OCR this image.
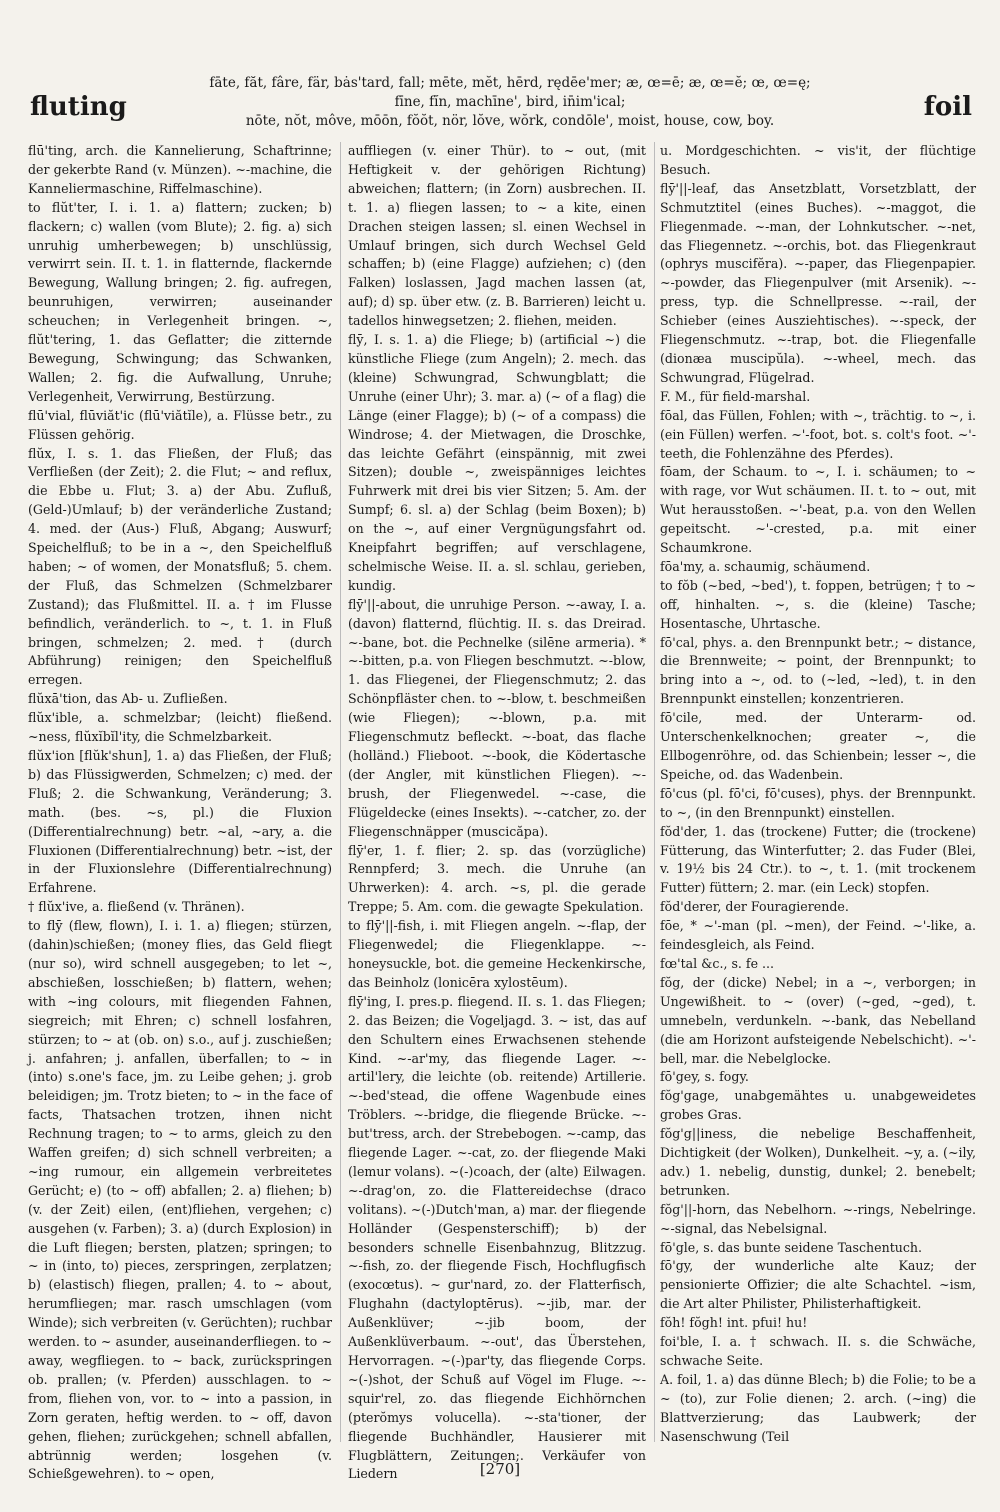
fluting
fāte, făt, fâre, fär, bȧs'tard, fall; mēte, mĕt, hērd, rędēe'mer; æ, œ=ē; æ, œ=ĕ; œ, œ=ę;
fīne, fĭn, machīne', bird, in̄im'ical;
nōte, nŏt, môve, mōōn, fŏŏt, nör, lŏve, wŏrk, condōle', moist, house, cow, boy.	foil
flū'ting, arch. die Kannelierung, Schaftrinne; der gekerbte Rand (v. Münzen). ~-machine, die Kanneliermaschine, Riffelmaschine).
to flŭt'ter, I. i. 1. a) flattern; zucken; b) flackern; c) wallen (vom Blute); 2. fig. a) sich unruhig umherbewegen; b) unschlüssig, verwirrt sein. II. t. 1. in flatternde, flackernde Bewegung, Wallung bringen; 2. fig. aufregen, beunruhigen, verwirren; auseinander scheuchen; in Verlegenheit bringen. ~, flŭt'tering, 1. das Geflatter; die zitternde Bewegung, Schwingung; das Schwanken, Wallen; 2. fig. die Aufwallung, Unruhe; Verlegenheit, Verwirrung, Bestürzung.
flū'vial, flūviăt'ic (flū'viătĭle), a. Flüsse betr., zu Flüssen gehörig.
flŭx, I. s. 1. das Fließen, der Fluß; das Verfließen (der Zeit); 2. die Flut; ~ and reflux, die Ebbe u. Flut; 3. a) der Abu. Zufluß, (Geld-)Umlauf; b) der veränderliche Zustand; 4. med. der (Aus-) Fluß, Abgang; Auswurf; Speichelfluß; to be in a ~, den Speichelfluß haben; ~ of women, der Monatsfluß; 5. chem. der Fluß, das Schmelzen (Schmelzbarer Zustand); das Flußmittel. II. a. † im Flusse befindlich, veränderlich. to ~, t. 1. in Fluß bringen, schmelzen; 2. med. † (durch Abführung) reinigen; den Speichelfluß erregen.
flŭxā'tion, das Ab- u. Zufließen.
flŭx'ible, a. schmelzbar; (leicht) fließend. ~ness, flŭxĭbĭl'ity, die Schmelzbarkeit.
flŭx'ion [flŭk'shun], 1. a) das Fließen, der Fluß; b) das Flüssigwerden, Schmelzen; c) med. der Fluß; 2. die Schwankung, Veränderung; 3. math. (bes. ~s, pl.) die Fluxion (Differentialrechnung) betr. ~al, ~ary, a. die Fluxionen (Differentialrechnung) betr. ~ist, der in der Fluxionslehre (Differentialrechnung) Erfahrene.
† flŭx'ive, a. fließend (v. Thränen).
to flȳ (flew, flown), I. i. 1. a) fliegen; stürzen, (dahin)schießen; (money flies, das Geld fliegt (nur so), wird schnell ausgegeben; to let ~, abschießen, losschießen; b) flattern, wehen; with ~ing colours, mit fliegenden Fahnen, siegreich; mit Ehren; c) schnell losfahren, stürzen; to ~ at (ob. on) s.o., auf j. zuschießen; j. anfahren; j. anfallen, überfallen; to ~ in (into) s.one's face, jm. zu Leibe gehen; j. grob beleidigen; jm. Trotz bieten; to ~ in the face of facts, Thatsachen trotzen, ihnen nicht Rechnung tragen; to ~ to arms, gleich zu den Waffen greifen; d) sich schnell verbreiten; a ~ing rumour, ein allgemein verbreitetes Gerücht; e) (to ~ off) abfallen; 2. a) fliehen; b) (v. der Zeit) eilen, (ent)fliehen, vergehen; c) ausgehen (v. Farben); 3. a) (durch Explosion) in die Luft fliegen; bersten, platzen; springen; to ~ in (into, to) pieces, zerspringen, zerplatzen; b) (elastisch) fliegen, prallen; 4. to ~ about, herumfliegen; mar. rasch umschlagen (vom Winde); sich verbreiten (v. Gerüchten); ruchbar werden. to ~ asunder, auseinanderfliegen. to ~ away, wegfliegen. to ~ back, zurückspringen ob. prallen; (v. Pferden) ausschlagen. to ~ from, fliehen von, vor. to ~ into a passion, in Zorn geraten, heftig werden. to ~ off, davon gehen, fliehen; zurückgehen; schnell abfallen, abtrünnig werden; losgehen (v. Schießgewehren). to ~ open,
auffliegen (v. einer Thür). to ~ out, (mit Heftigkeit v. der gehörigen Richtung) abweichen; flattern; (in Zorn) ausbrechen. II. t. 1. a) fliegen lassen; to ~ a kite, einen Drachen steigen lassen; sl. einen Wechsel in Umlauf bringen, sich durch Wechsel Geld schaffen; b) (eine Flagge) aufziehen; c) (den Falken) loslassen, Jagd machen lassen (at, auf); d) sp. über etw. (z. B. Barrieren) leicht u. tadellos hinwegsetzen; 2. fliehen, meiden.
flȳ, I. s. 1. a) die Fliege; b) (artificial ~) die künstliche Fliege (zum Angeln); 2. mech. das (kleine) Schwungrad, Schwungblatt; die Unruhe (einer Uhr); 3. mar. a) (~ of a flag) die Länge (einer Flagge); b) (~ of a compass) die Windrose; 4. der Mietwagen, die Droschke, das leichte Gefährt (einspännig, mit zwei Sitzen); double ~, zweispänniges leichtes Fuhrwerk mit drei bis vier Sitzen; 5. Am. der Sumpf; 6. sl. a) der Schlag (beim Boxen); b) on the ~, auf einer Vergnügungsfahrt od. Kneipfahrt begriffen; auf verschlagene, schelmische Weise. II. a. sl. schlau, gerieben, kundig.
flȳ'||-about, die unruhige Person. ~-away, I. a. (davon) flatternd, flüchtig. II. s. das Dreirad. ~-bane, bot. die Pechnelke (silēne armeria). * ~-bitten, p.a. von Fliegen beschmutzt. ~-blow, 1. das Fliegenei, der Fliegenschmutz; 2. das Schönpfläster chen. to ~-blow, t. beschmeißen (wie Fliegen); ~-blown, p.a. mit Fliegenschmutz befleckt. ~-boat, das flache (holländ.) Flieboot. ~-book, die Ködertasche (der Angler, mit künstlichen Fliegen). ~-brush, der Fliegenwedel. ~-case, die Flügeldecke (eines Insekts). ~-catcher, zo. der Fliegenschnäpper (muscicăpa).
flȳ'er, 1. f. flier; 2. sp. das (vorzügliche) Rennpferd; 3. mech. die Unruhe (an Uhrwerken): 4. arch. ~s, pl. die gerade Treppe; 5. Am. com. die gewagte Spekulation.
to flȳ'||-fish, i. mit Fliegen angeln. ~-flap, der Fliegenwedel; die Fliegenklappe. ~-honeysuckle, bot. die gemeine Heckenkirsche, das Beinholz (lonicēra xylostēum).
flȳ'ing, I. pres.p. fliegend. II. s. 1. das Fliegen; 2. das Beizen; die Vogeljagd. 3. ~ ist, das auf den Schultern eines Erwachsenen stehende Kind. ~-ar'my, das fliegende Lager. ~-artil'lery, die leichte (ob. reitende) Artillerie. ~-bed'stead, die offene Wagenbude eines Tröblers. ~-bridge, die fliegende Brücke. ~-but'tress, arch. der Strebebogen. ~-camp, das fliegende Lager. ~-cat, zo. der fliegende Maki (lemur volans). ~(-)coach, der (alte) Eilwagen. ~-drag'on, zo. die Flattereidechse (draco volitans). ~(-)Dutch'man, a) mar. der fliegende Holländer (Gespensterschiff); b) der besonders schnelle Eisenbahnzug, Blitzzug. ~-fish, zo. der fliegende Fisch, Hochflugfisch (exocœtus). ~ gur'nard, zo. der Flatterfisch, Flughahn (dactyloptērus). ~-jib, mar. der Außenklüver; ~-jib boom, der Außenklüverbaum. ~-out', das Überstehen, Hervorragen. ~(-)par'ty, das fliegende Corps. ~(-)shot, der Schuß auf Vögel im Fluge. ~-squir'rel, zo. das fliegende Eichhörnchen (pterŏmys volucella). ~-sta'tioner, der fliegende Buchhändler, Hausierer mit Flugblättern, Zeitungen;. Verkäufer von Liedern
u. Mordgeschichten. ~ vis'it, der flüchtige Besuch.
flȳ'||-leaf, das Ansetzblatt, Vorsetzblatt, der Schmutztitel (eines Buches). ~-maggot, die Fliegenmade. ~-man, der Lohnkutscher. ~-net, das Fliegennetz. ~-orchis, bot. das Fliegenkraut (ophrys muscifĕra). ~-paper, das Fliegenpapier. ~-powder, das Fliegenpulver (mit Arsenik). ~-press, typ. die Schnellpresse. ~-rail, der Schieber (eines Ausziehtisches). ~-speck, der Fliegenschmutz. ~-trap, bot. die Fliegenfalle (dionæa muscipŭla). ~-wheel, mech. das Schwungrad, Flügelrad.
F. M., für field-marshal.
fōal, das Füllen, Fohlen; with ~, trächtig. to ~, i. (ein Füllen) werfen. ~'-foot, bot. s. colt's foot. ~'-teeth, die Fohlenzähne des Pferdes).
fōam, der Schaum. to ~, I. i. schäumen; to ~ with rage, vor Wut schäumen. II. t. to ~ out, mit Wut herausstoßen. ~'-beat, p.a. von den Wellen gepeitscht. ~'-crested, p.a. mit einer Schaumkrone.
fōa'my, a. schaumig, schäumend.
to fŏb (~bed, ~bed'), t. foppen, betrügen; † to ~ off, hinhalten. ~, s. die (kleine) Tasche; Hosentasche, Uhrtasche.
fō'cal, phys. a. den Brennpunkt betr.; ~ distance, die Brennweite; ~ point, der Brennpunkt; to bring into a ~, od. to (~led, ~led), t. in den Brennpunkt einstellen; konzentrieren.
fō'cile, med. der Unterarm- od. Unterschenkelknochen; greater ~, die Ellbogenröhre, od. das Schienbein; lesser ~, die Speiche, od. das Wadenbein.
fō'cus (pl. fō'ci, fō'cuses), phys. der Brennpunkt. to ~, (in den Brennpunkt) einstellen.
fŏd'der, 1. das (trockene) Futter; die (trockene) Fütterung, das Winterfutter; 2. das Fuder (Blei, v. 19½ bis 24 Ctr.). to ~, t. 1. (mit trockenem Futter) füttern; 2. mar. (ein Leck) stopfen.
fŏd'derer, der Fouragierende.
fōe, * ~'-man (pl. ~men), der Feind. ~'-like, a. feindesgleich, als Feind.
fœ'tal &c., s. fe ...
fŏg, der (dicke) Nebel; in a ~, verborgen; in Ungewißheit. to ~ (over) (~ged, ~ged), t. umnebeln, verdunkeln. ~-bank, das Nebelland (die am Horizont aufsteigende Nebelschicht). ~'-bell, mar. die Nebelglocke.
fō'gey, s. fogy.
fŏg'gage, unabgemähtes u. unabgeweidetes grobes Gras.
fŏg'g||iness, die nebelige Beschaffenheit, Dichtigkeit (der Wolken), Dunkelheit. ~y, a. (~ily, adv.) 1. nebelig, dunstig, dunkel; 2. benebelt; betrunken.
fŏg'||-horn, das Nebelhorn. ~-rings, Nebelringe. ~-signal, das Nebelsignal.
fō'gle, s. das bunte seidene Taschentuch.
fō'gy, der wunderliche alte Kauz; der pensionierte Offizier; die alte Schachtel. ~ism, die Art alter Philister, Philisterhaftigkeit.
fŏh! fŏgh! int. pfui! hu!
foi'ble, I. a. † schwach. II. s. die Schwäche, schwache Seite.
A. foil, 1. a) das dünne Blech; b) die Folie; to be a ~ (to), zur Folie dienen; 2. arch. (~ing) die Blattverzierung; das Laubwerk; der Nasenschwung (Teil
[270]
